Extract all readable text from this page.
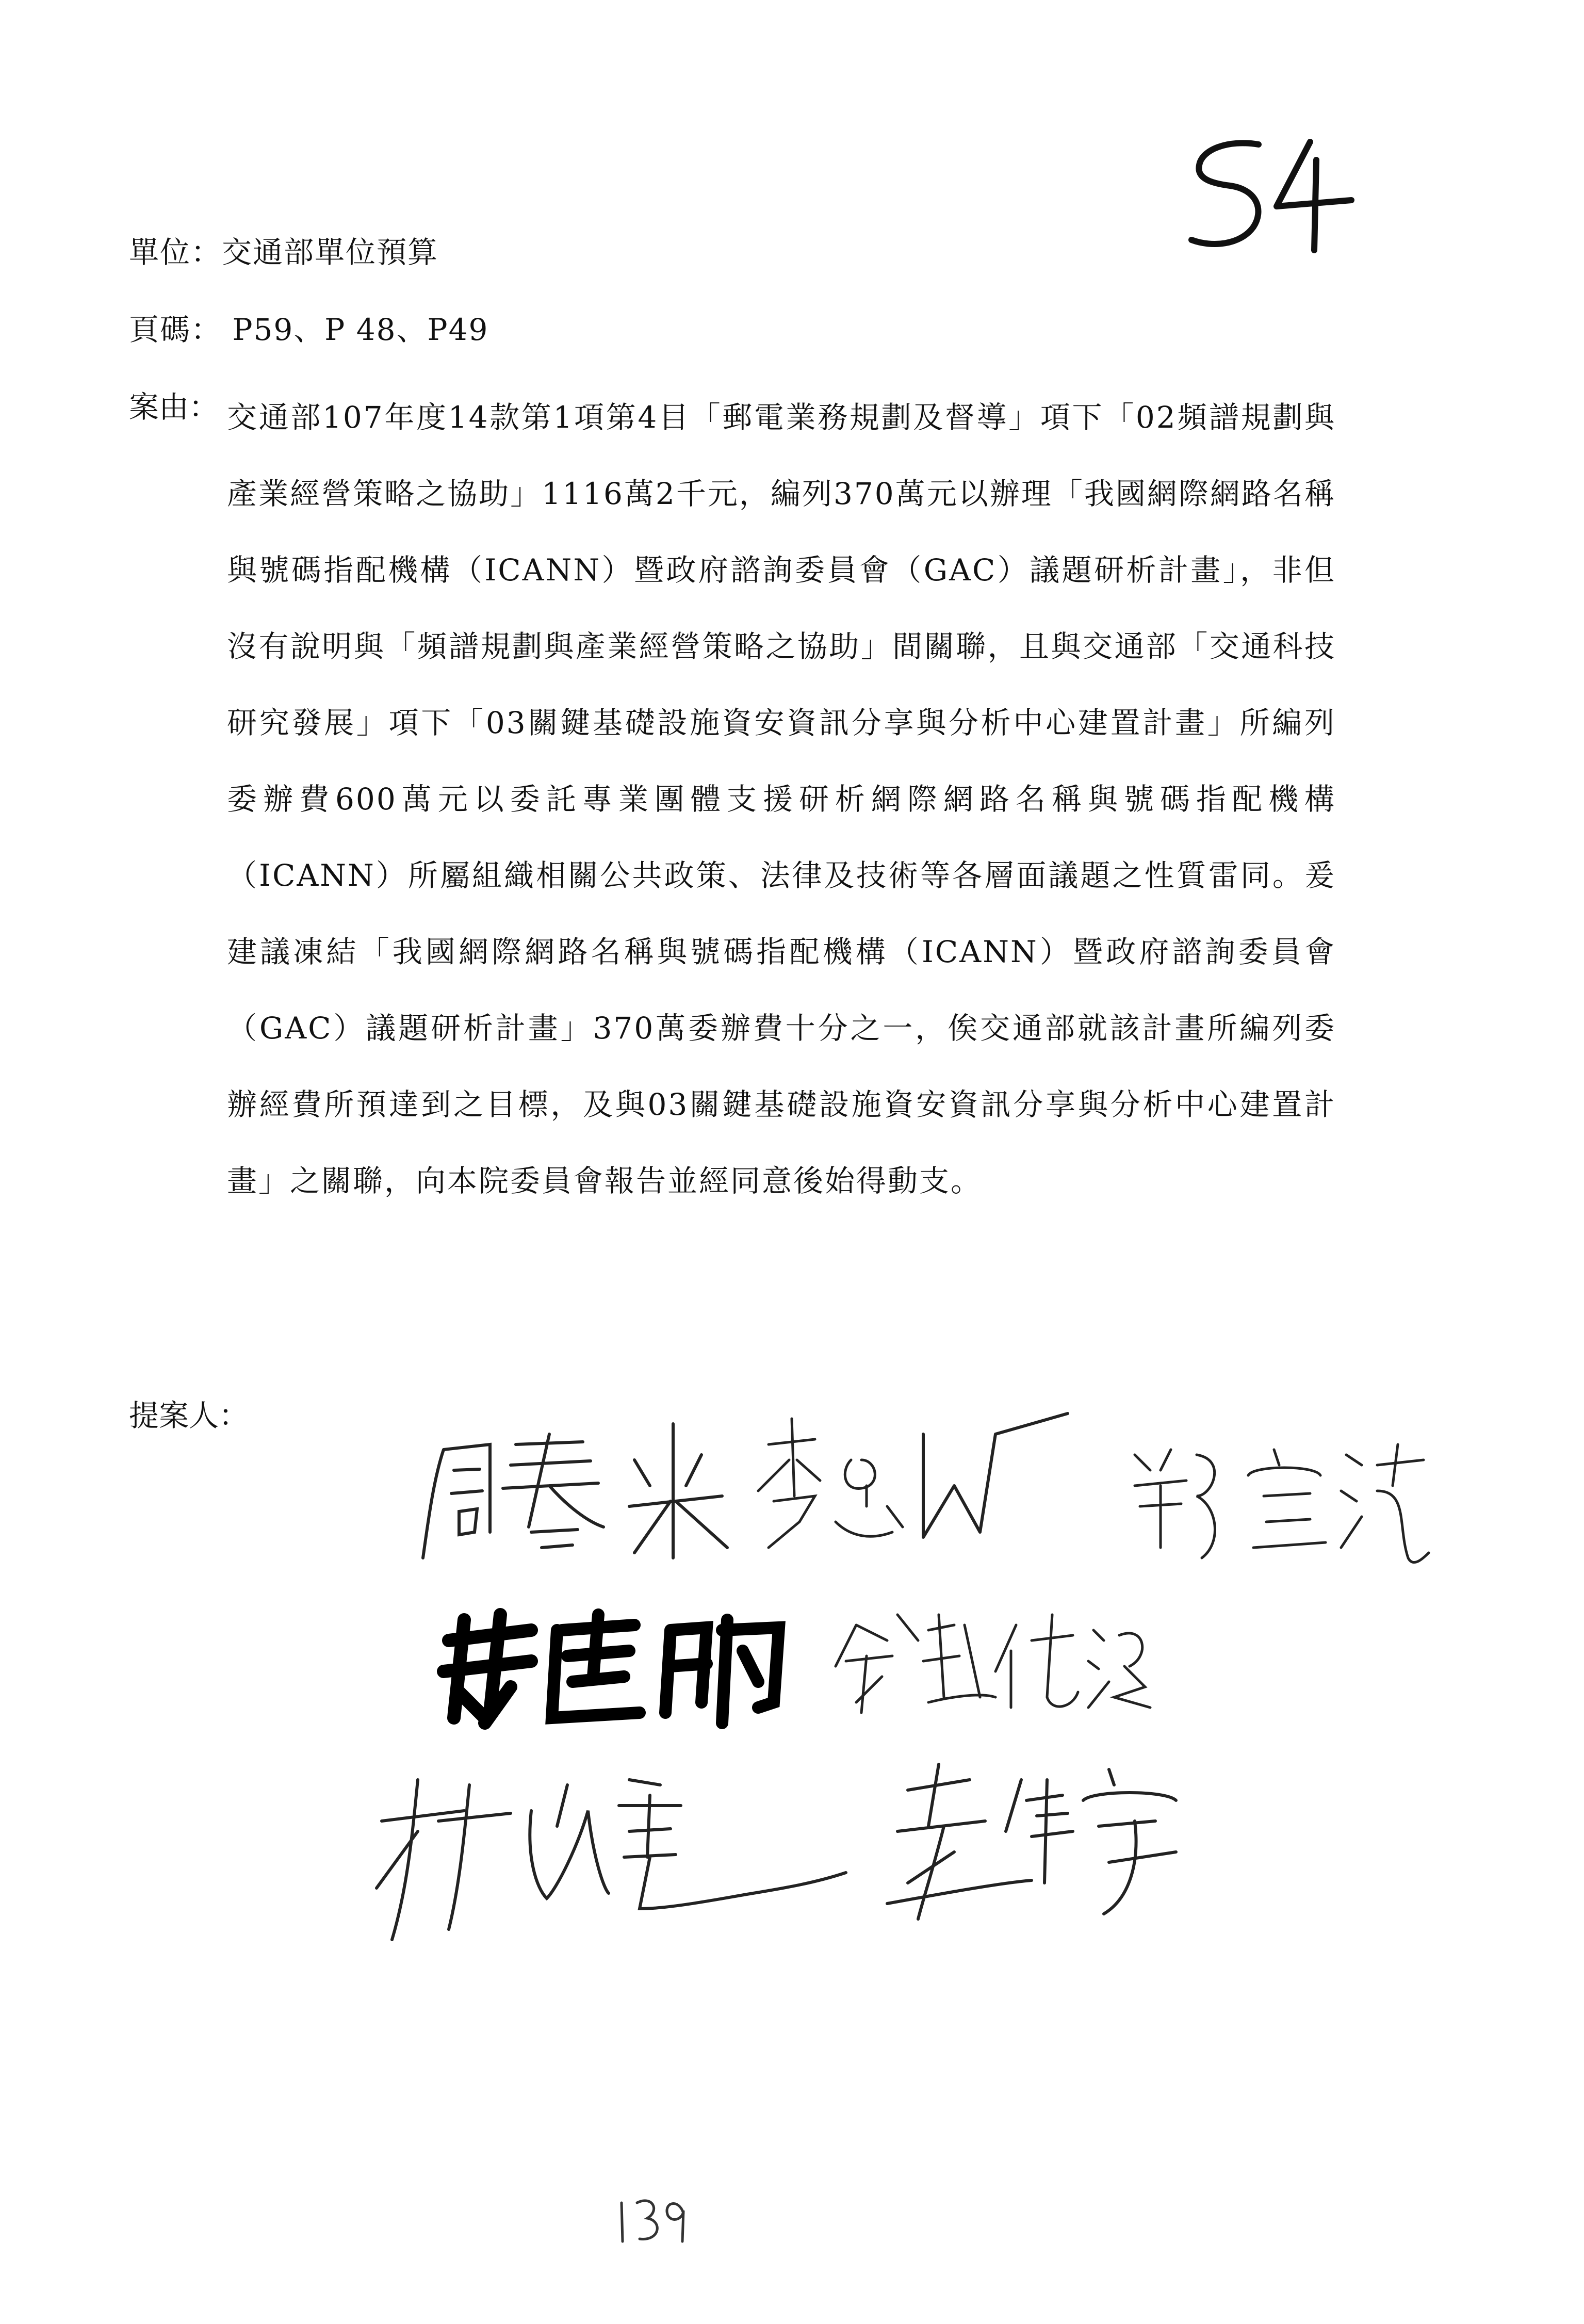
單位：交通部單位預算
頁碼： P59、P 48、P49
案由： 交通部107年度14款第1項第4目「郵電業務規劃及督導」項下「02頻譜規劃與產業經營策略之協助」1116萬2千元，編列370萬元以辦理「我國網際網路名稱與號碼指配機構（ICANN）暨政府諮詢委員會（GAC）議題研析計畫」，非但沒有說明與「頻譜規劃與產業經營策略之協助」間關聯，且與交通部「交通科技研究發展」項下「03關鍵基礎設施資安資訊分享與分析中心建置計畫」所編列委辦費600萬元以委託專業團體支援研析網際網路名稱與號碼指配機構（ICANN）所屬組織相關公共政策、法律及技術等各層面議題之性質雷同。爰建議凍結「我國網際網路名稱與號碼指配機構（ICANN）暨政府諮詢委員會（GAC）議題研析計畫」370萬委辦費十分之一，俟交通部就該計畫所編列委辦經費所預達到之目標，及與03關鍵基礎設施資安資訊分享與分析中心建置計畫」之關聯，向本院委員會報告並經同意後始得動支。
提案人：
